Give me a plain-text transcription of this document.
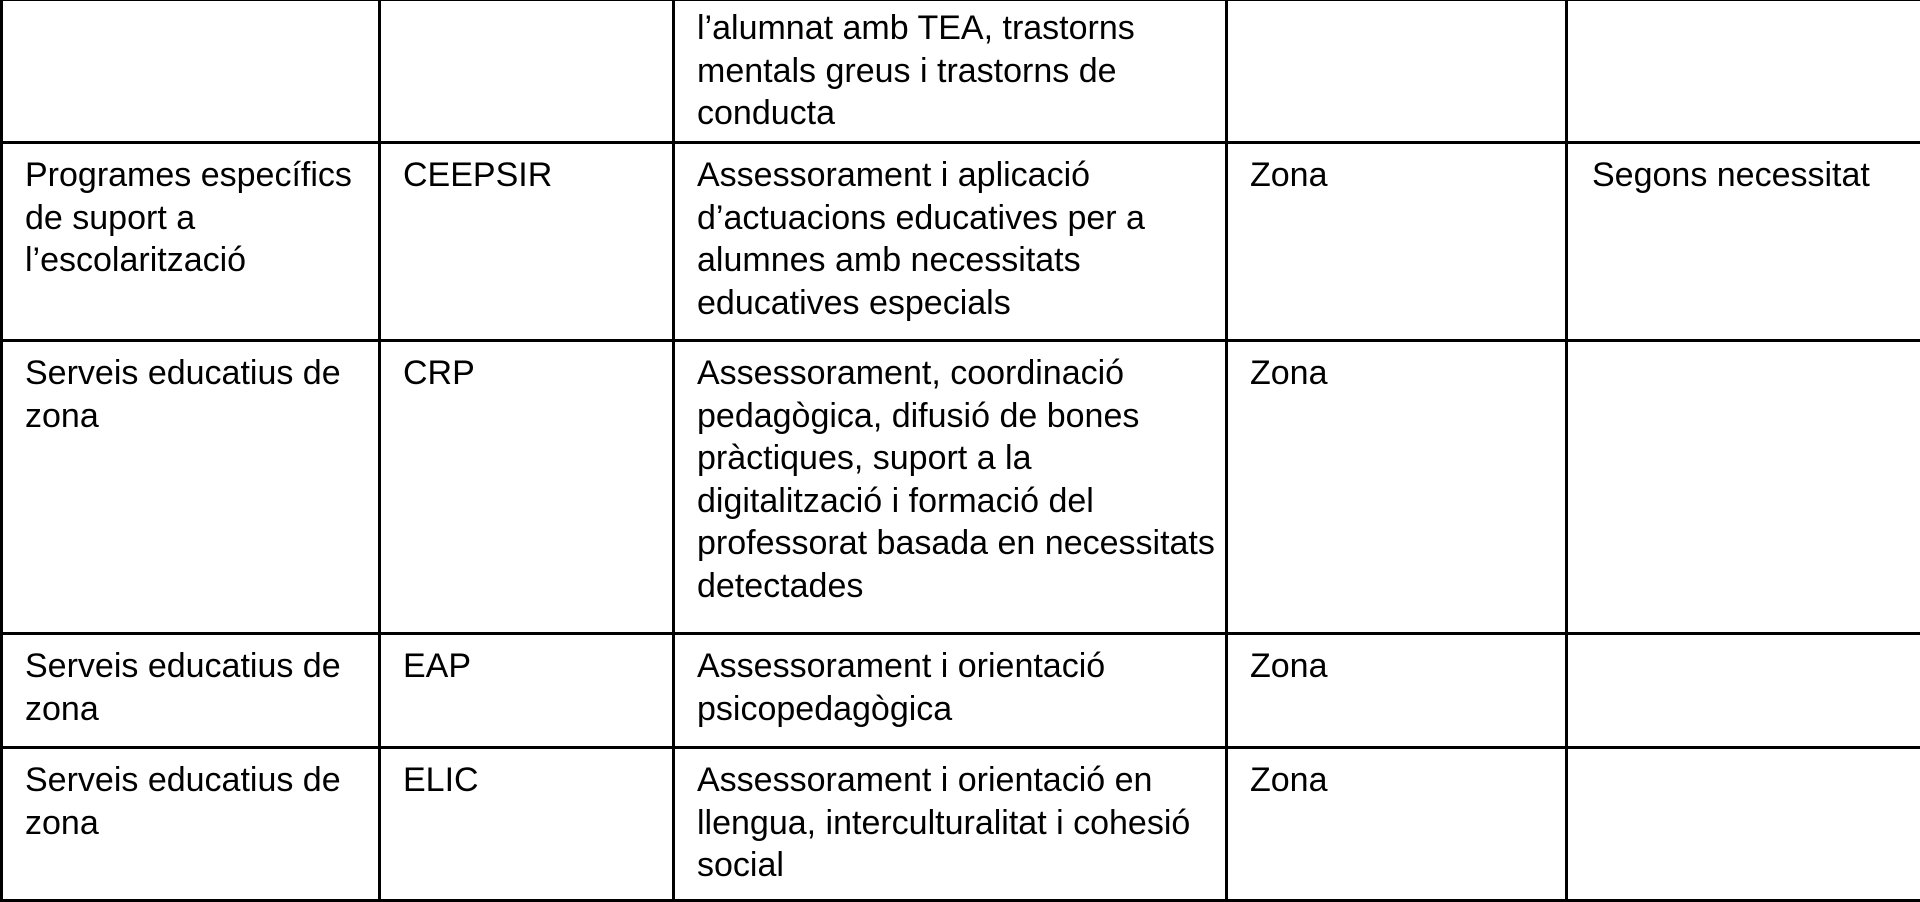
		l’alumnat amb TEA, trastorns mentals greus i trastorns de conducta		
Programes específics de suport a l’escolarització	CEEPSIR	Assessorament i aplicació d’actuacions educatives per a alumnes amb necessitats educatives especials	Zona	Segons necessitat
Serveis educatius de zona	CRP	Assessorament, coordinació pedagògica, difusió de bones pràctiques, suport a la digitalització i formació del professorat basada en necessitats detectades	Zona	
Serveis educatius de zona	EAP	Assessorament i orientació psicopedagògica	Zona	
Serveis educatius de zona	ELIC	Assessorament i orientació en llengua, interculturalitat i cohesió social	Zona	
